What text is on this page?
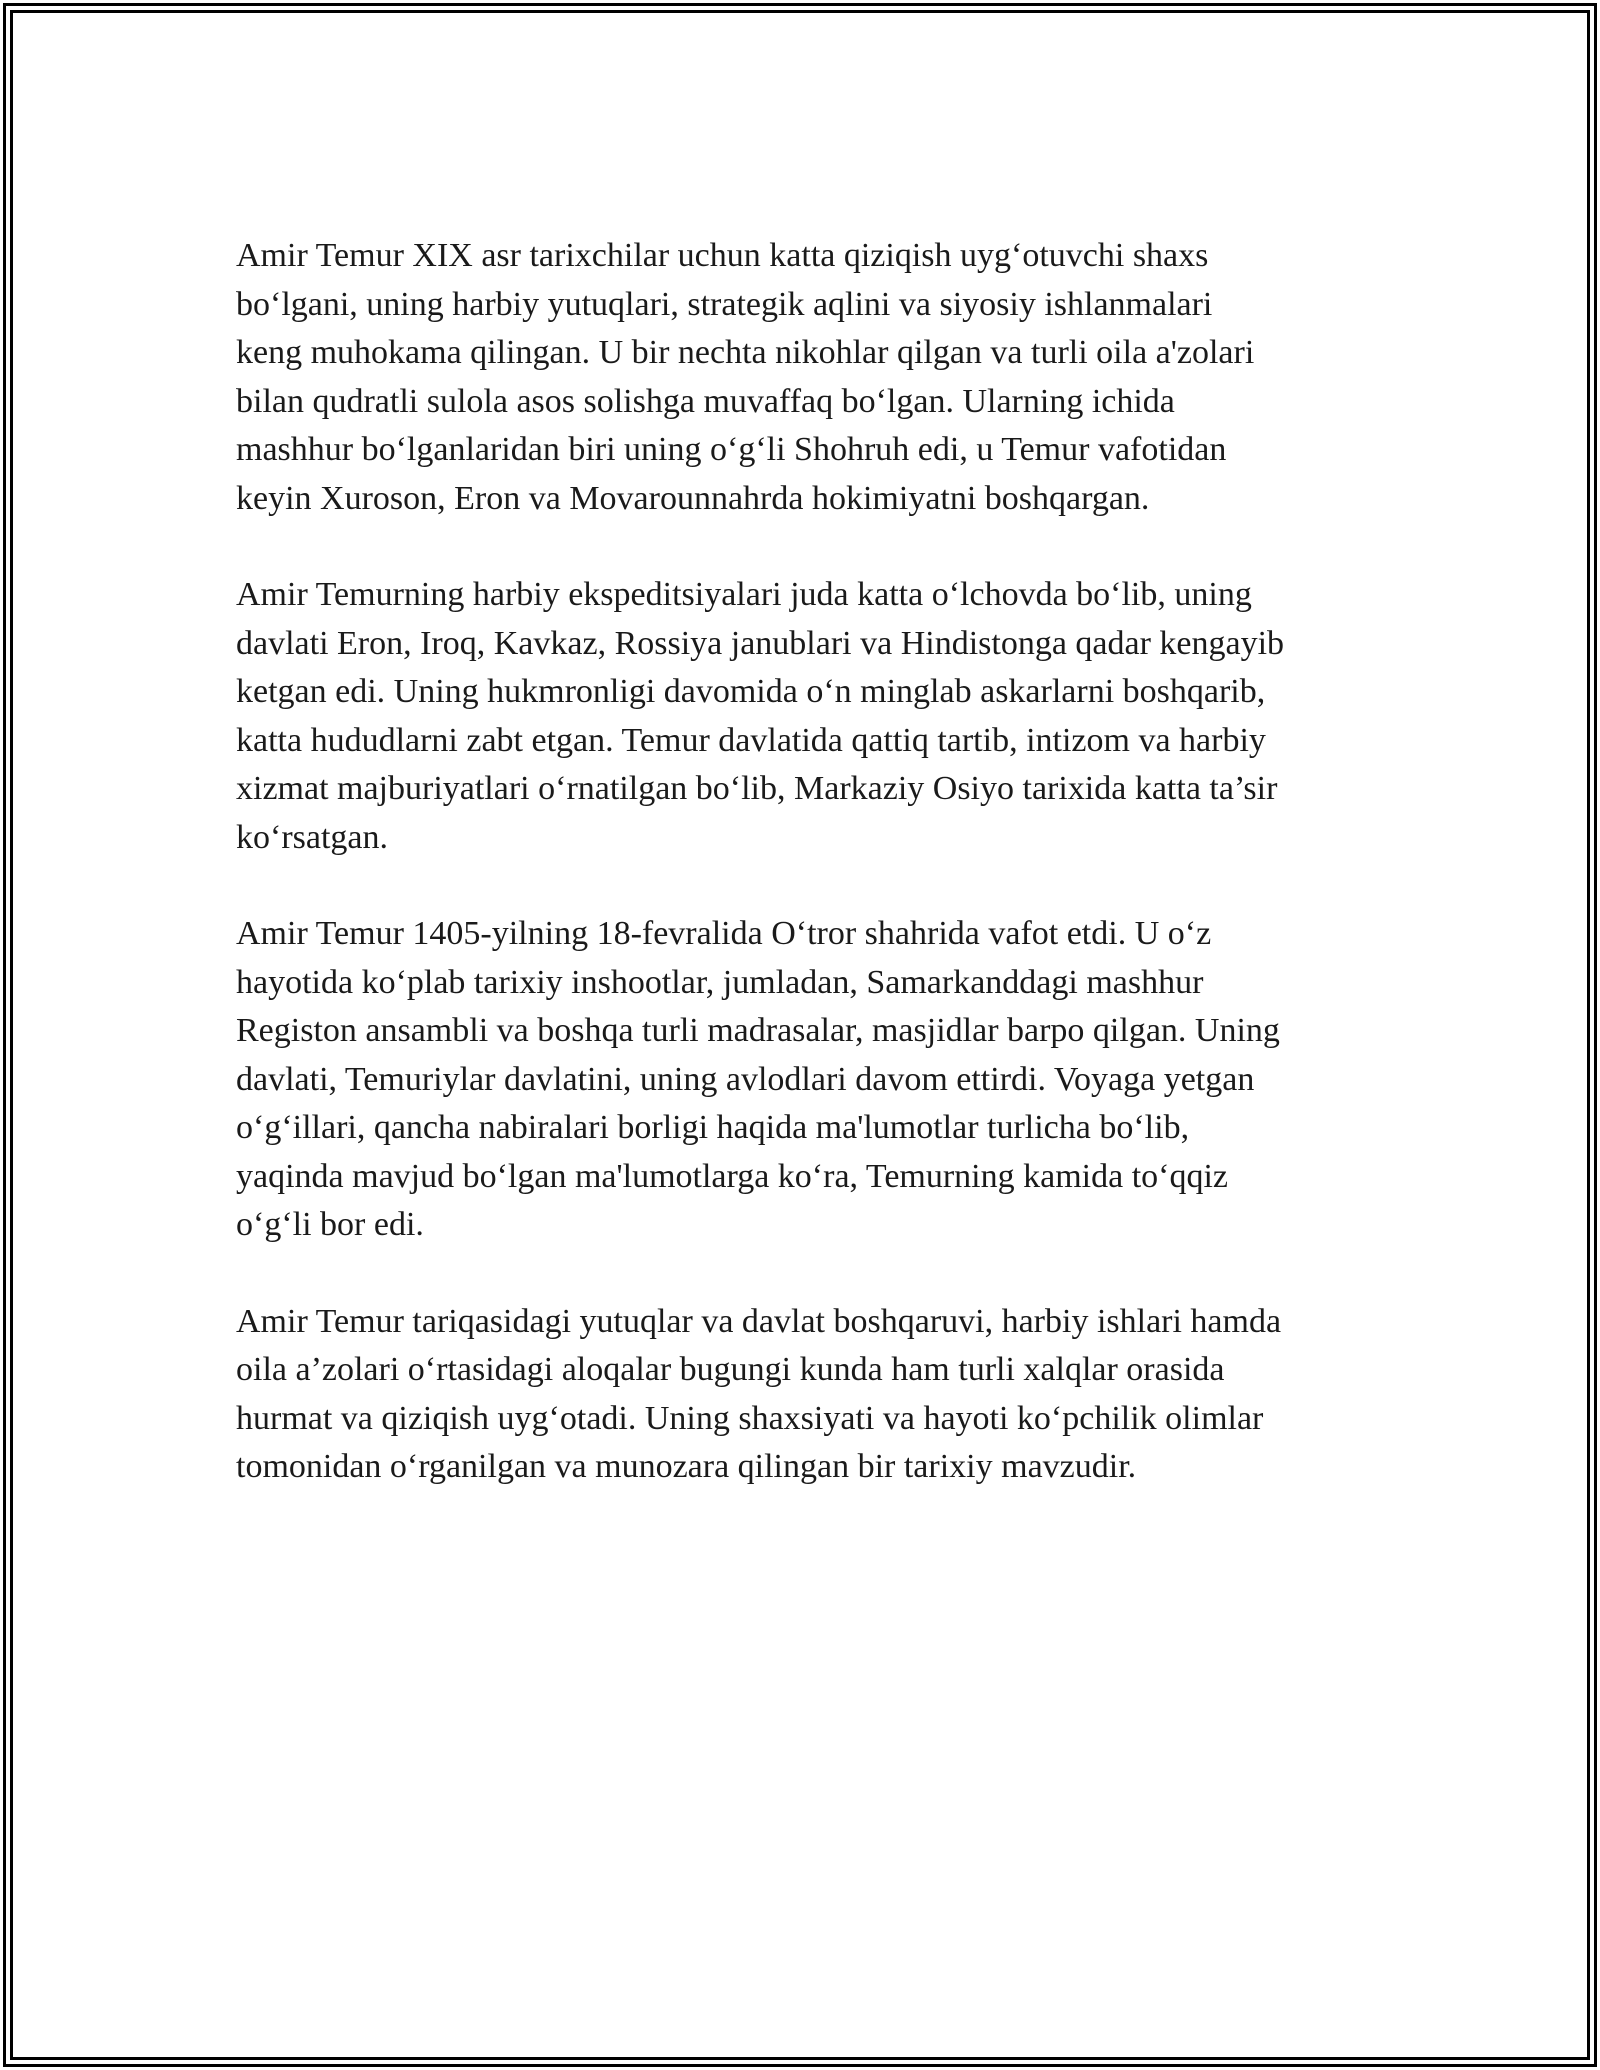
Amir Temur XIX asr tarixchilar uchun katta qiziqish uyg‘otuvchi shaxs
bo‘lgani, uning harbiy yutuqlari, strategik aqlini va siyosiy ishlanmalari
keng muhokama qilingan. U bir nechta nikohlar qilgan va turli oila a'zolari
bilan qudratli sulola asos solishga muvaffaq bo‘lgan. Ularning ichida
mashhur bo‘lganlaridan biri uning o‘g‘li Shohruh edi, u Temur vafotidan
keyin Xuroson, Eron va Movarounnahrda hokimiyatni boshqargan.

Amir Temurning harbiy ekspeditsiyalari juda katta o‘lchovda bo‘lib, uning
davlati Eron, Iroq, Kavkaz, Rossiya janublari va Hindistonga qadar kengayib
ketgan edi. Uning hukmronligi davomida o‘n minglab askarlarni boshqarib,
katta hududlarni zabt etgan. Temur davlatida qattiq tartib, intizom va harbiy
xizmat majburiyatlari o‘rnatilgan bo‘lib, Markaziy Osiyo tarixida katta ta’sir
ko‘rsatgan.

Amir Temur 1405-yilning 18-fevralida O‘tror shahrida vafot etdi. U o‘z
hayotida ko‘plab tarixiy inshootlar, jumladan, Samarkanddagi mashhur
Registon ansambli va boshqa turli madrasalar, masjidlar barpo qilgan. Uning
davlati, Temuriylar davlatini, uning avlodlari davom ettirdi. Voyaga yetgan
o‘g‘illari, qancha nabiralari borligi haqida ma'lumotlar turlicha bo‘lib,
yaqinda mavjud bo‘lgan ma'lumotlarga ko‘ra, Temurning kamida to‘qqiz
o‘g‘li bor edi.

Amir Temur tariqasidagi yutuqlar va davlat boshqaruvi, harbiy ishlari hamda
oila a’zolari o‘rtasidagi aloqalar bugungi kunda ham turli xalqlar orasida
hurmat va qiziqish uyg‘otadi. Uning shaxsiyati va hayoti ko‘pchilik olimlar
tomonidan o‘rganilgan va munozara qilingan bir tarixiy mavzudir.
